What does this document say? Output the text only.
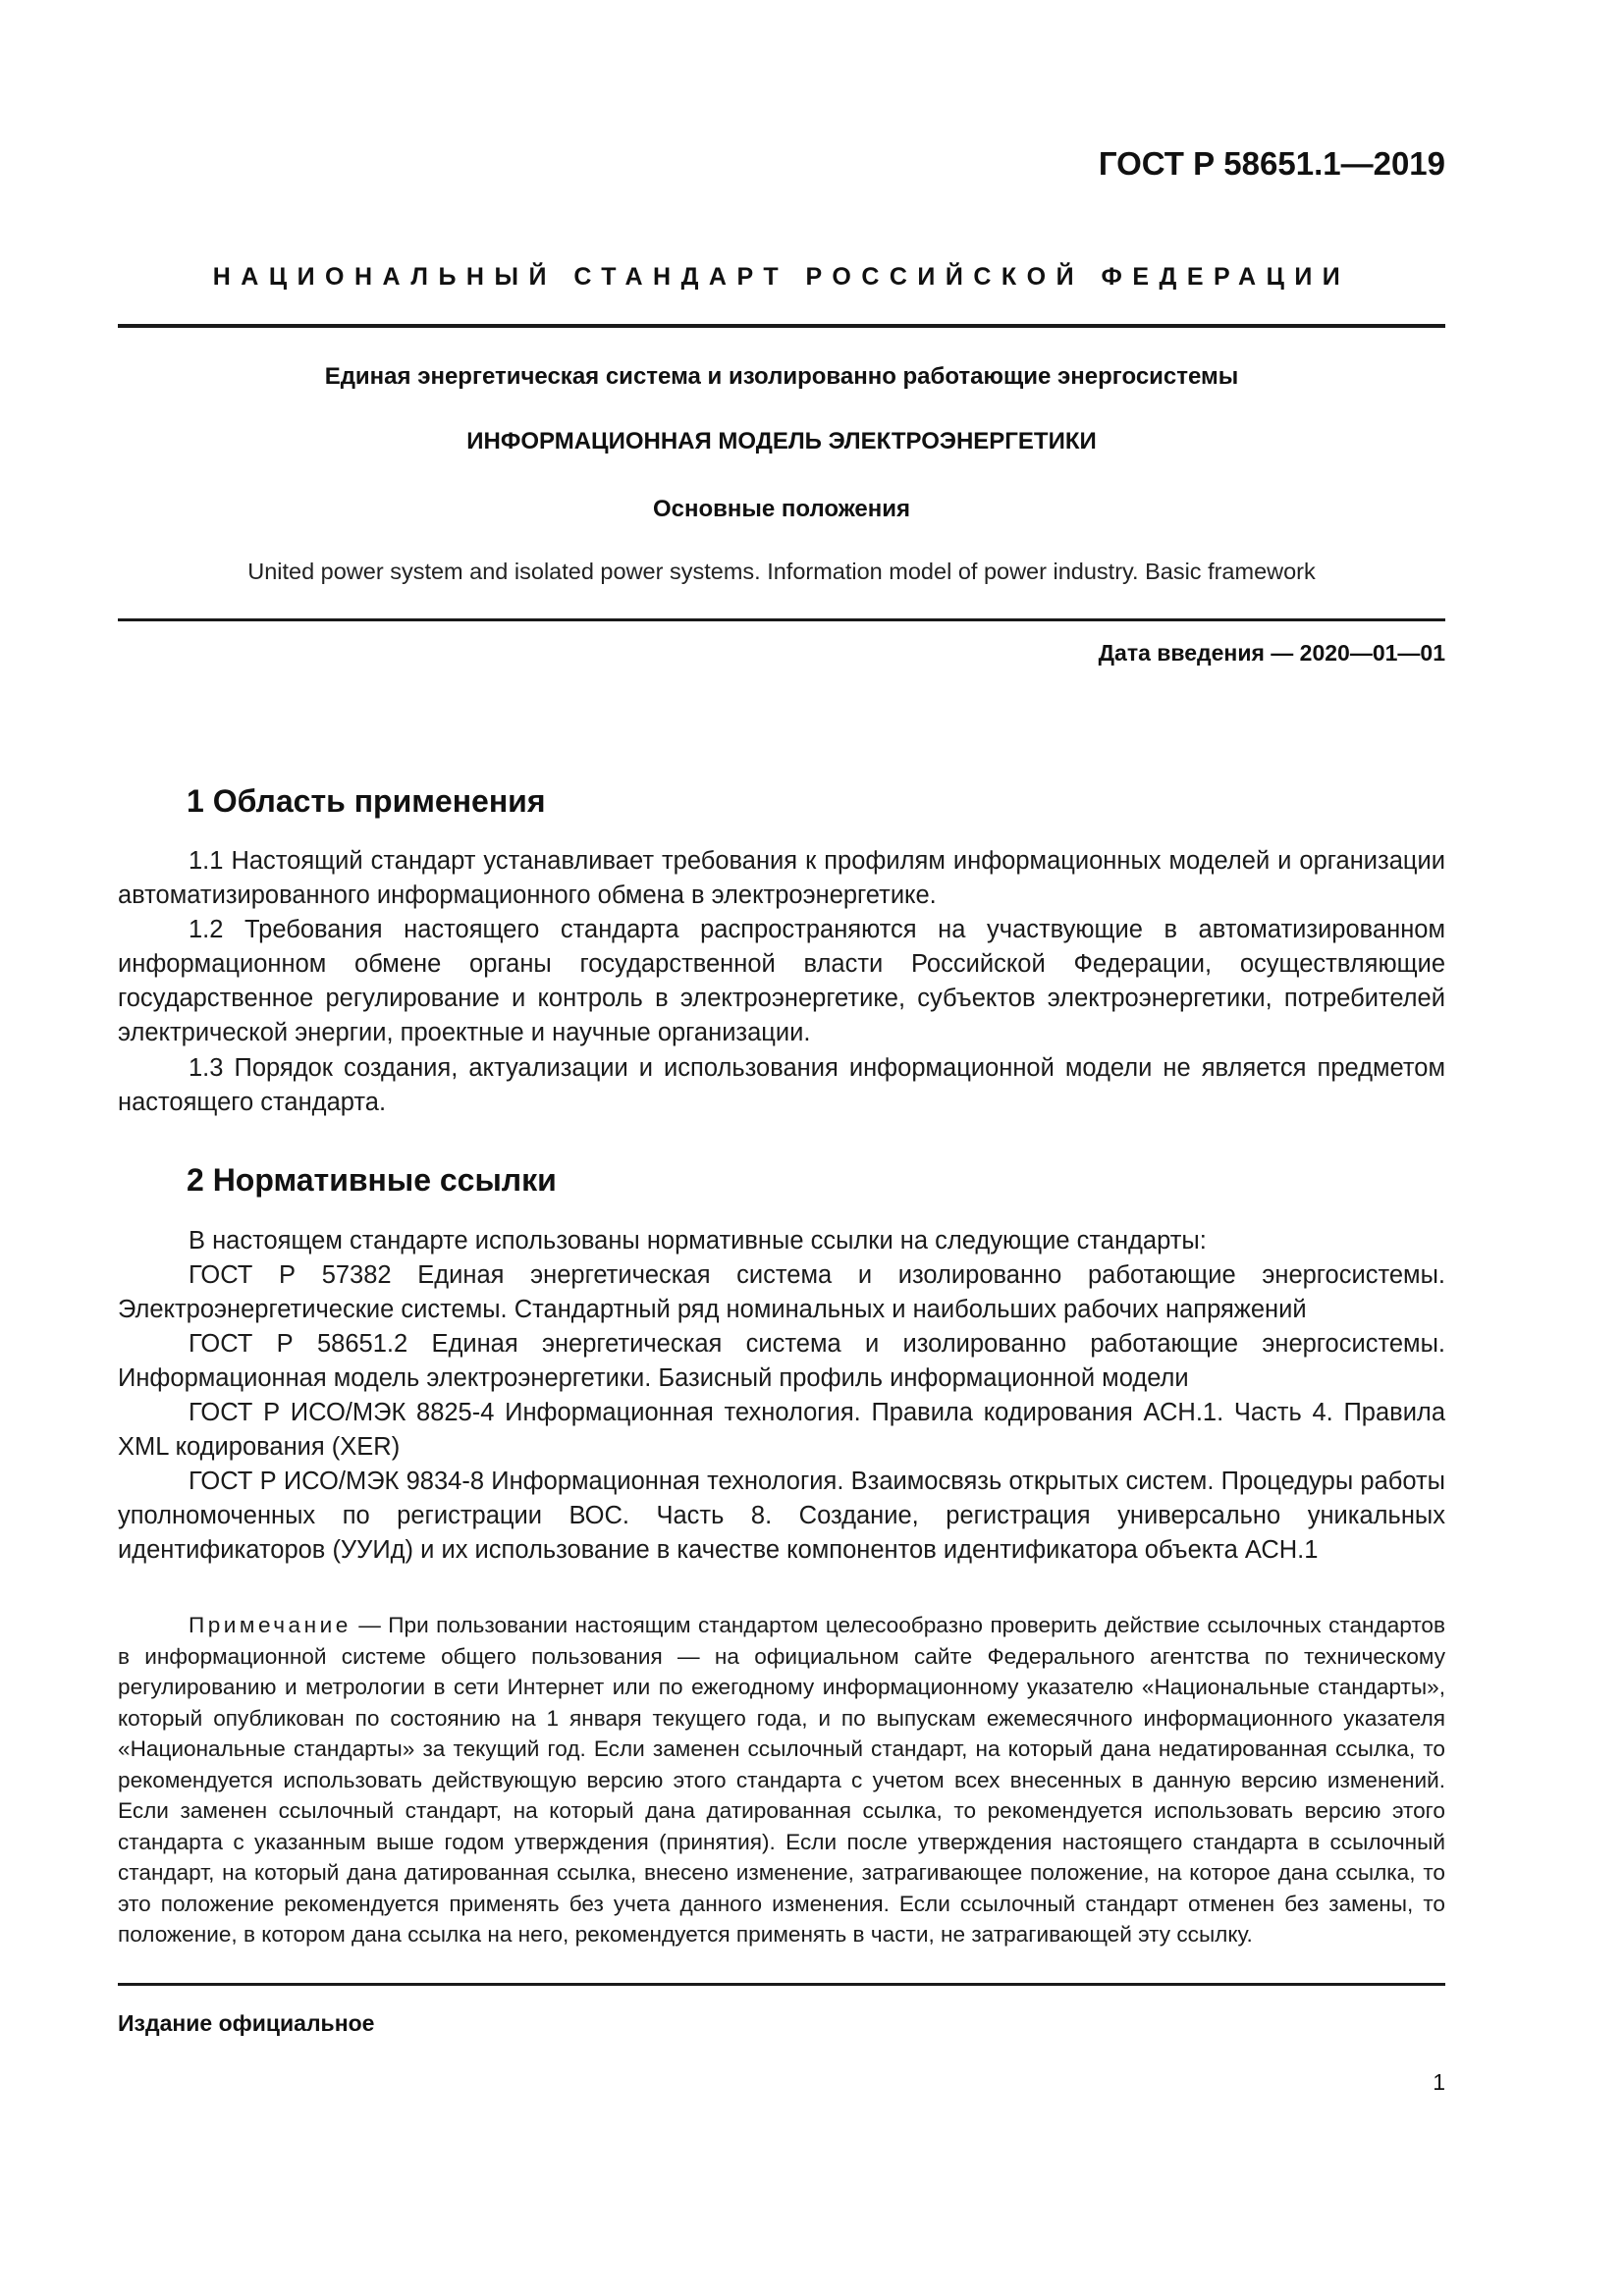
ГОСТ Р 58651.1—2019
НАЦИОНАЛЬНЫЙ СТАНДАРТ РОССИЙСКОЙ ФЕДЕРАЦИИ
Единая энергетическая система и изолированно работающие энергосистемы
ИНФОРМАЦИОННАЯ МОДЕЛЬ ЭЛЕКТРОЭНЕРГЕТИКИ
Основные положения
United power system and isolated power systems. Information model of power industry. Basic framework
Дата введения — 2020—01—01
1 Область применения

1.1 Настоящий стандарт устанавливает требования к профилям информационных моделей и организации автоматизированного информационного обмена в электроэнергетике.

1.2 Требования настоящего стандарта распространяются на участвующие в автоматизированном информационном обмене органы государственной власти Российской Федерации, осуществляющие государственное регулирование и контроль в электроэнергетике, субъектов электроэнергетики, потребителей электрической энергии, проектные и научные организации.

1.3 Порядок создания, актуализации и использования информационной модели не является предметом настоящего стандарта.

2 Нормативные ссылки

В настоящем стандарте использованы нормативные ссылки на следующие стандарты:

ГОСТ Р 57382 Единая энергетическая система и изолированно работающие энергосистемы. Электроэнергетические системы. Стандартный ряд номинальных и наибольших рабочих напряжений

ГОСТ Р 58651.2 Единая энергетическая система и изолированно работающие энергосистемы. Информационная модель электроэнергетики. Базисный профиль информационной модели

ГОСТ Р ИСО/МЭК 8825-4 Информационная технология. Правила кодирования АСН.1. Часть 4. Правила XML кодирования (XER)

ГОСТ Р ИСО/МЭК 9834-8 Информационная технология. Взаимосвязь открытых систем. Процедуры работы уполномоченных по регистрации ВОС. Часть 8. Создание, регистрация универсально уникальных идентификаторов (УУИд) и их использование в качестве компонентов идентификатора объекта АСН.1

Примечание — При пользовании настоящим стандартом целесообразно проверить действие ссылочных стандартов в информационной системе общего пользования — на официальном сайте Федерального агентства по техническому регулированию и метрологии в сети Интернет или по ежегодному информационному указателю «Национальные стандарты», который опубликован по состоянию на 1 января текущего года, и по выпускам ежемесячного информационного указателя «Национальные стандарты» за текущий год. Если заменен ссылочный стандарт, на который дана недатированная ссылка, то рекомендуется использовать действующую версию этого стандарта с учетом всех внесенных в данную версию изменений. Если заменен ссылочный стандарт, на который дана датированная ссылка, то рекомендуется использовать версию этого стандарта с указанным выше годом утверждения (принятия). Если после утверждения настоящего стандарта в ссылочный стандарт, на который дана датированная ссылка, внесено изменение, затрагивающее положение, на которое дана ссылка, то это положение рекомендуется применять без учета данного изменения. Если ссылочный стандарт отменен без замены, то положение, в котором дана ссылка на него, рекомендуется применять в части, не затрагивающей эту ссылку.

Издание официальное
1
